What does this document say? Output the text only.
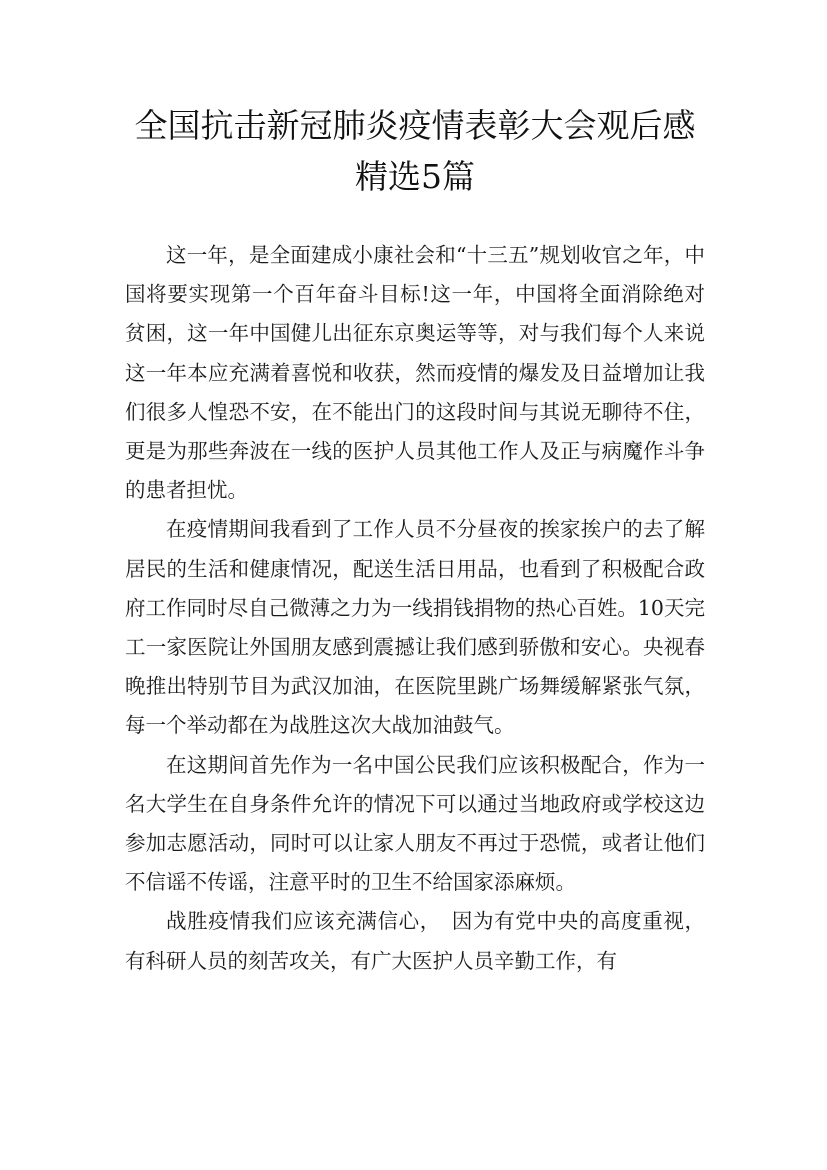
全国抗击新冠肺炎疫情表彰大会观后感精选5篇

这一年，是全面建成小康社会和“十三五”规划收官之年，中国将要实现第一个百年奋斗目标!这一年，中国将全面消除绝对贫困，这一年中国健儿出征东京奥运等等，对与我们每个人来说这一年本应充满着喜悦和收获，然而疫情的爆发及日益增加让我们很多人惶恐不安，在不能出门的这段时间与其说无聊待不住，更是为那些奔波在一线的医护人员其他工作人及正与病魔作斗争的患者担忧。

在疫情期间我看到了工作人员不分昼夜的挨家挨户的去了解居民的生活和健康情况，配送生活日用品，也看到了积极配合政府工作同时尽自己微薄之力为一线捐钱捐物的热心百姓。10天完工一家医院让外国朋友感到震撼让我们感到骄傲和安心。央视春晚推出特别节目为武汉加油，在医院里跳广场舞缓解紧张气氛，每一个举动都在为战胜这次大战加油鼓气。

在这期间首先作为一名中国公民我们应该积极配合，作为一名大学生在自身条件允许的情况下可以通过当地政府或学校这边参加志愿活动，同时可以让家人朋友不再过于恐慌，或者让他们不信谣不传谣，注意平时的卫生不给国家添麻烦。

战胜疫情我们应该充满信心，　因为有党中央的高度重视，有科研人员的刻苦攻关，有广大医护人员辛勤工作，有
